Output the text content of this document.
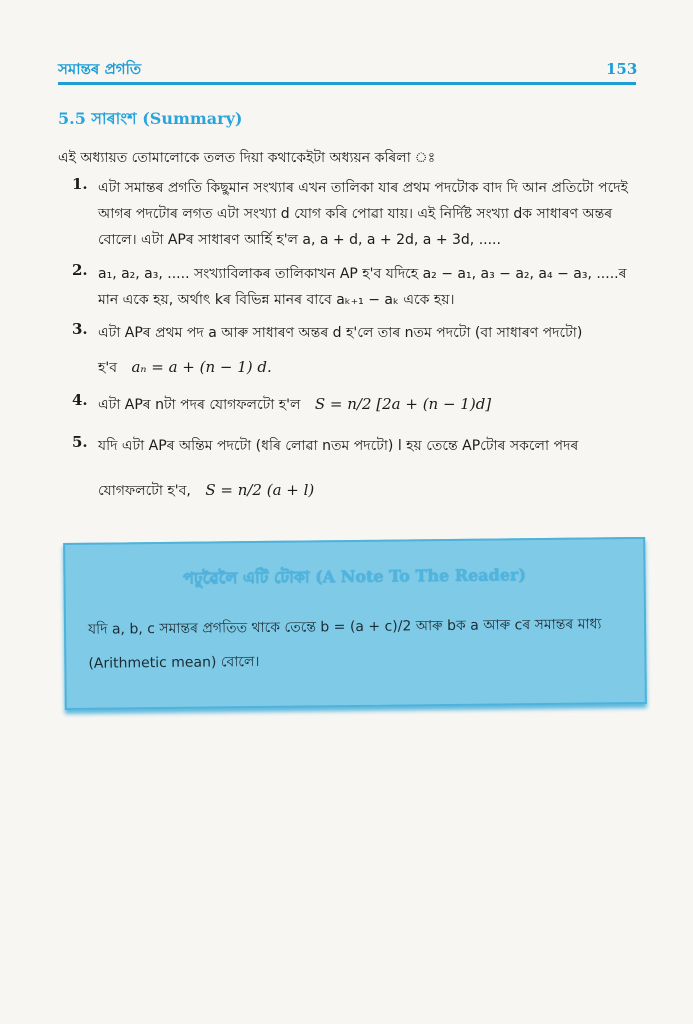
সমান্তৰ প্ৰগতি	153
5.5 সাৰাংশ (Summary)
এই অধ্যায়ত তোমালোকে তলত দিয়া কথাকেইটা অধ্যয়ন কৰিলা ঃ
1. এটা সমান্তৰ প্ৰগতি কিছুমান সংখ্যাৰ এখন তালিকা যাৰ প্ৰথম পদটোক বাদ দি আন প্ৰতিটো পদেই আগৰ পদটোৰ লগত এটা সংখ্যা d যোগ কৰি পোৱা যায়। এই নিৰ্দিষ্ট সংখ্যা dক সাধাৰণ অন্তৰ বোলে। এটা APৰ সাধাৰণ আৰ্হি হ'ল a, a + d, a + 2d, a + 3d, .....
2. a₁, a₂, a₃, ..... সংখ্যাবিলাকৰ তালিকাখন AP হ'ব যদিহে a₂ − a₁, a₃ − a₂, a₄ − a₃, .....ৰ মান একে হয়, অৰ্থাৎ kৰ বিভিন্ন মানৰ বাবে aₖ₊₁ − aₖ একে হয়।
3. এটা APৰ প্ৰথম পদ a আৰু সাধাৰণ অন্তৰ d হ'লে তাৰ nতম পদটো (বা সাধাৰণ পদটো)
হ'ব aₙ = a + (n − 1) d.
4. এটা APৰ nটা পদৰ যোগফলটো হ'ল S = n/2 [2a + (n − 1)d]
5. যদি এটা APৰ অন্তিম পদটো (ধৰি লোৱা nতম পদটো) l হয় তেন্তে APটোৰ সকলো পদৰ
যোগফলটো হ'ব, S = n/2 (a + l)
পঢ়ুৱৈলৈ এটি টোকা (A Note To The Reader)
যদি a, b, c সমান্তৰ প্ৰগতিত থাকে তেন্তে b = (a + c)/2 আৰু bক a আৰু cৰ সমান্তৰ মাধ্য (Arithmetic mean) বোলে।
